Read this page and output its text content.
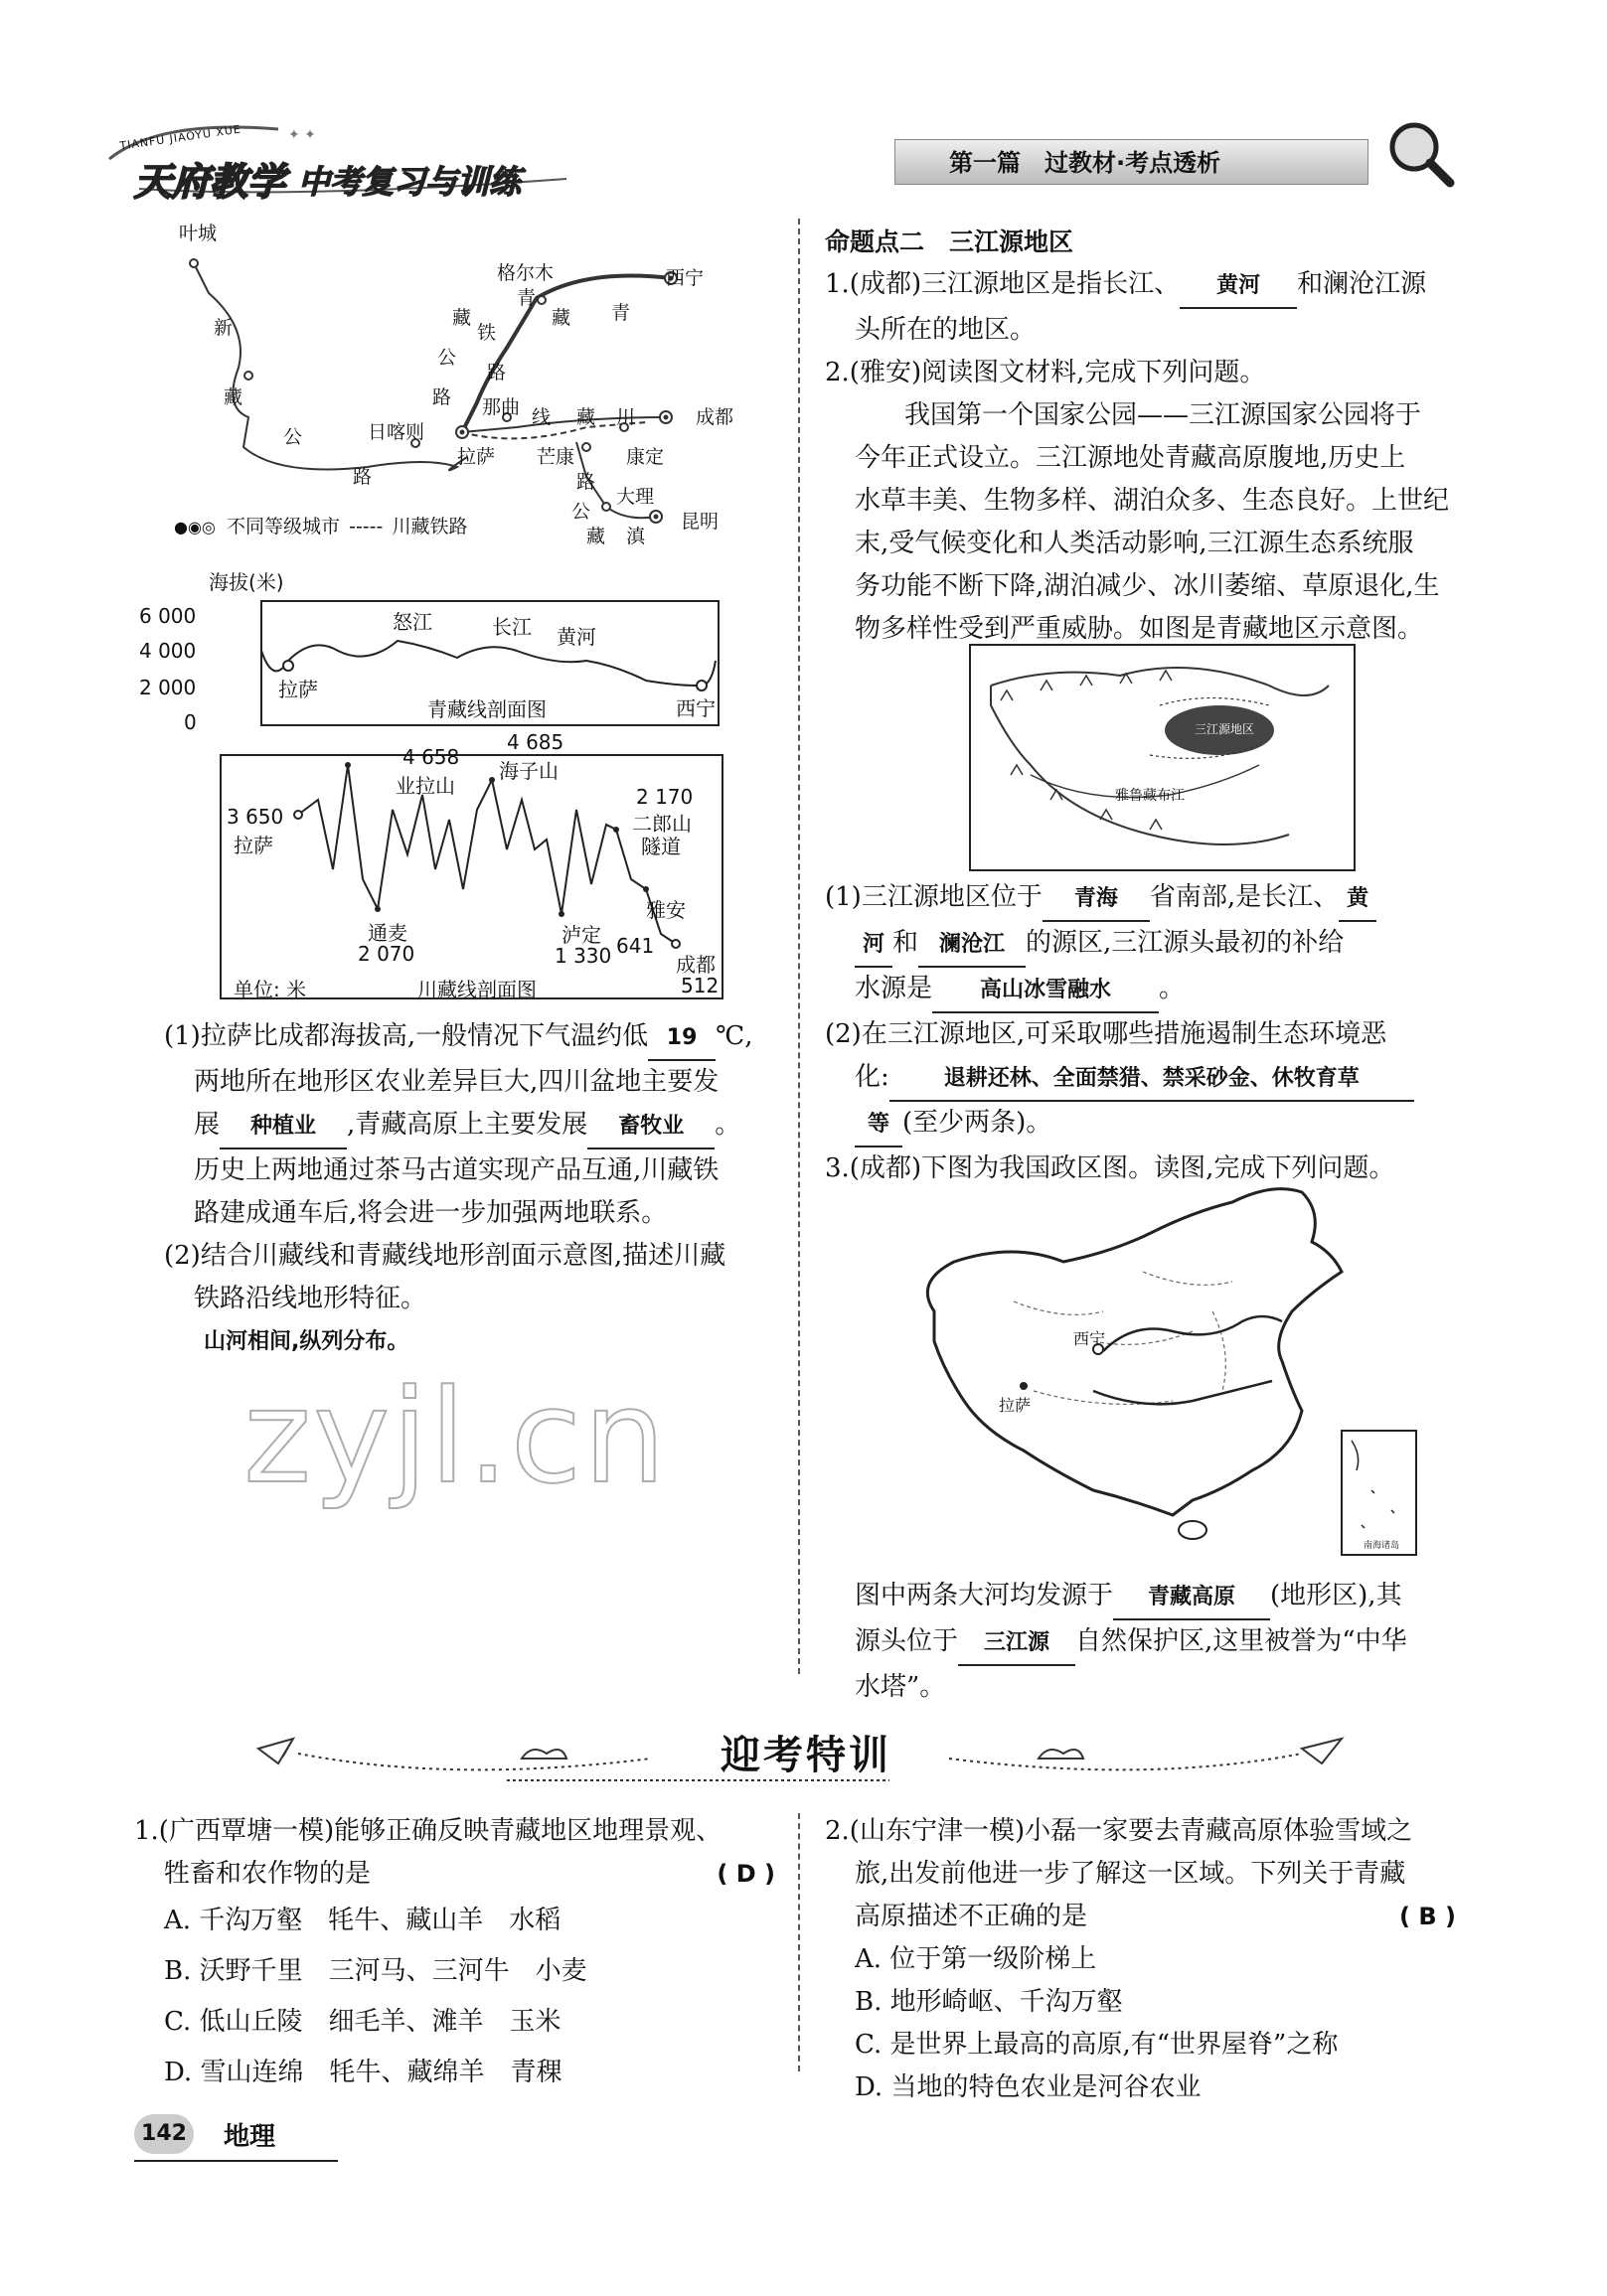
✦ ✦
TIANFU JIAOYU XUE
天府教学 中考复习与训练	第一篇　过教材·考点透析
叶城
格尔木	西宁
日喀则
拉萨
那曲	成都
芒康	康定
大理
昆明
新
藏
公
路
青
藏
铁
路
藏 青
公
路
线 藏 川
路
公
藏 滇
●◉◎ 不同等级城市 ----- 川藏铁路
海拔(米)
6 000
4 000
2 000
0
怒江	长江 黄河
拉萨
西宁
青藏线剖面图
3 650
拉萨
4 658
业拉山
4 685
海子山
通麦
2 070
泸定
1 330
2 170
二郎山
隧道
雅安
641
成都
512
单位: 米	川藏线剖面图
(1)拉萨比成都海拔高,一般情况下气温约低 19 ℃,
两地所在地形区农业差异巨大,四川盆地主要发
展 种植业 ,青藏高原上主要发展 畜牧业 。
历史上两地通过茶马古道实现产品互通,川藏铁
路建成通车后,将会进一步加强两地联系。
(2)结合川藏线和青藏线地形剖面示意图,描述川藏
铁路沿线地形特征。
山河相间,纵列分布。
zyjl.cn
命题点二　三江源地区
1.(成都)三江源地区是指长江、 黄河 和澜沧江源
头所在的地区。
2.(雅安)阅读图文材料,完成下列问题。
我国第一个国家公园——三江源国家公园将于
今年正式设立。三江源地处青藏高原腹地,历史上
水草丰美、生物多样、湖泊众多、生态良好。上世纪
末,受气候变化和人类活动影响,三江源生态系统服
务功能不断下降,湖泊减少、冰川萎缩、草原退化,生
物多样性受到严重威胁。如图是青藏地区示意图。
三江源地区
雅鲁藏布江
(1)三江源地区位于 青海 省南部,是长江、 黄
河 和 澜沧江 的源区,三江源头最初的补给
水源是 高山冰雪融水 。
(2)在三江源地区,可采取哪些措施遏制生态环境恶
化: 退耕还林、全面禁猎、禁采砂金、休牧育草
等 (至少两条)。
3.(成都)下图为我国政区图。读图,完成下列问题。
西宁
拉萨
南海诸岛
图中两条大河均发源于 青藏高原 (地形区),其
源头位于 三江源 自然保护区,这里被誉为“中华
水塔”。
迎考特训
1.(广西覃塘一模)能够正确反映青藏地区地理景观、
牲畜和农作物的是	( D )
A. 千沟万壑　牦牛、藏山羊　水稻
B. 沃野千里　三河马、三河牛　小麦
C. 低山丘陵　细毛羊、滩羊　玉米
D. 雪山连绵　牦牛、藏绵羊　青稞
2.(山东宁津一模)小磊一家要去青藏高原体验雪域之
旅,出发前他进一步了解这一区域。下列关于青藏
高原描述不正确的是	( B )
A. 位于第一级阶梯上
B. 地形崎岖、千沟万壑
C. 是世界上最高的高原,有“世界屋脊”之称
D. 当地的特色农业是河谷农业
142 地理
